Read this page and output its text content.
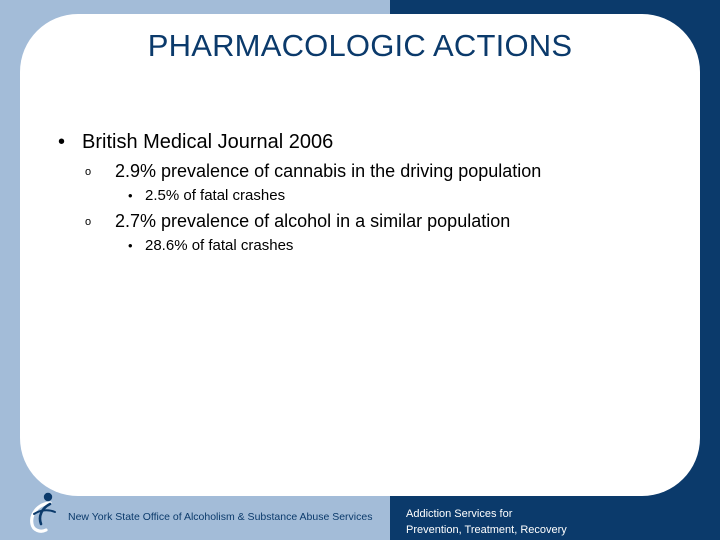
PHARMACOLOGIC ACTIONS
• British Medical Journal 2006
o 2.9% prevalence of cannabis in the driving population
• 2.5% of fatal crashes
o 2.7% prevalence of alcohol in a similar population
• 28.6% of fatal crashes
New York State Office of Alcoholism & Substance Abuse Services	Addiction Services for
Prevention, Treatment, Recovery
